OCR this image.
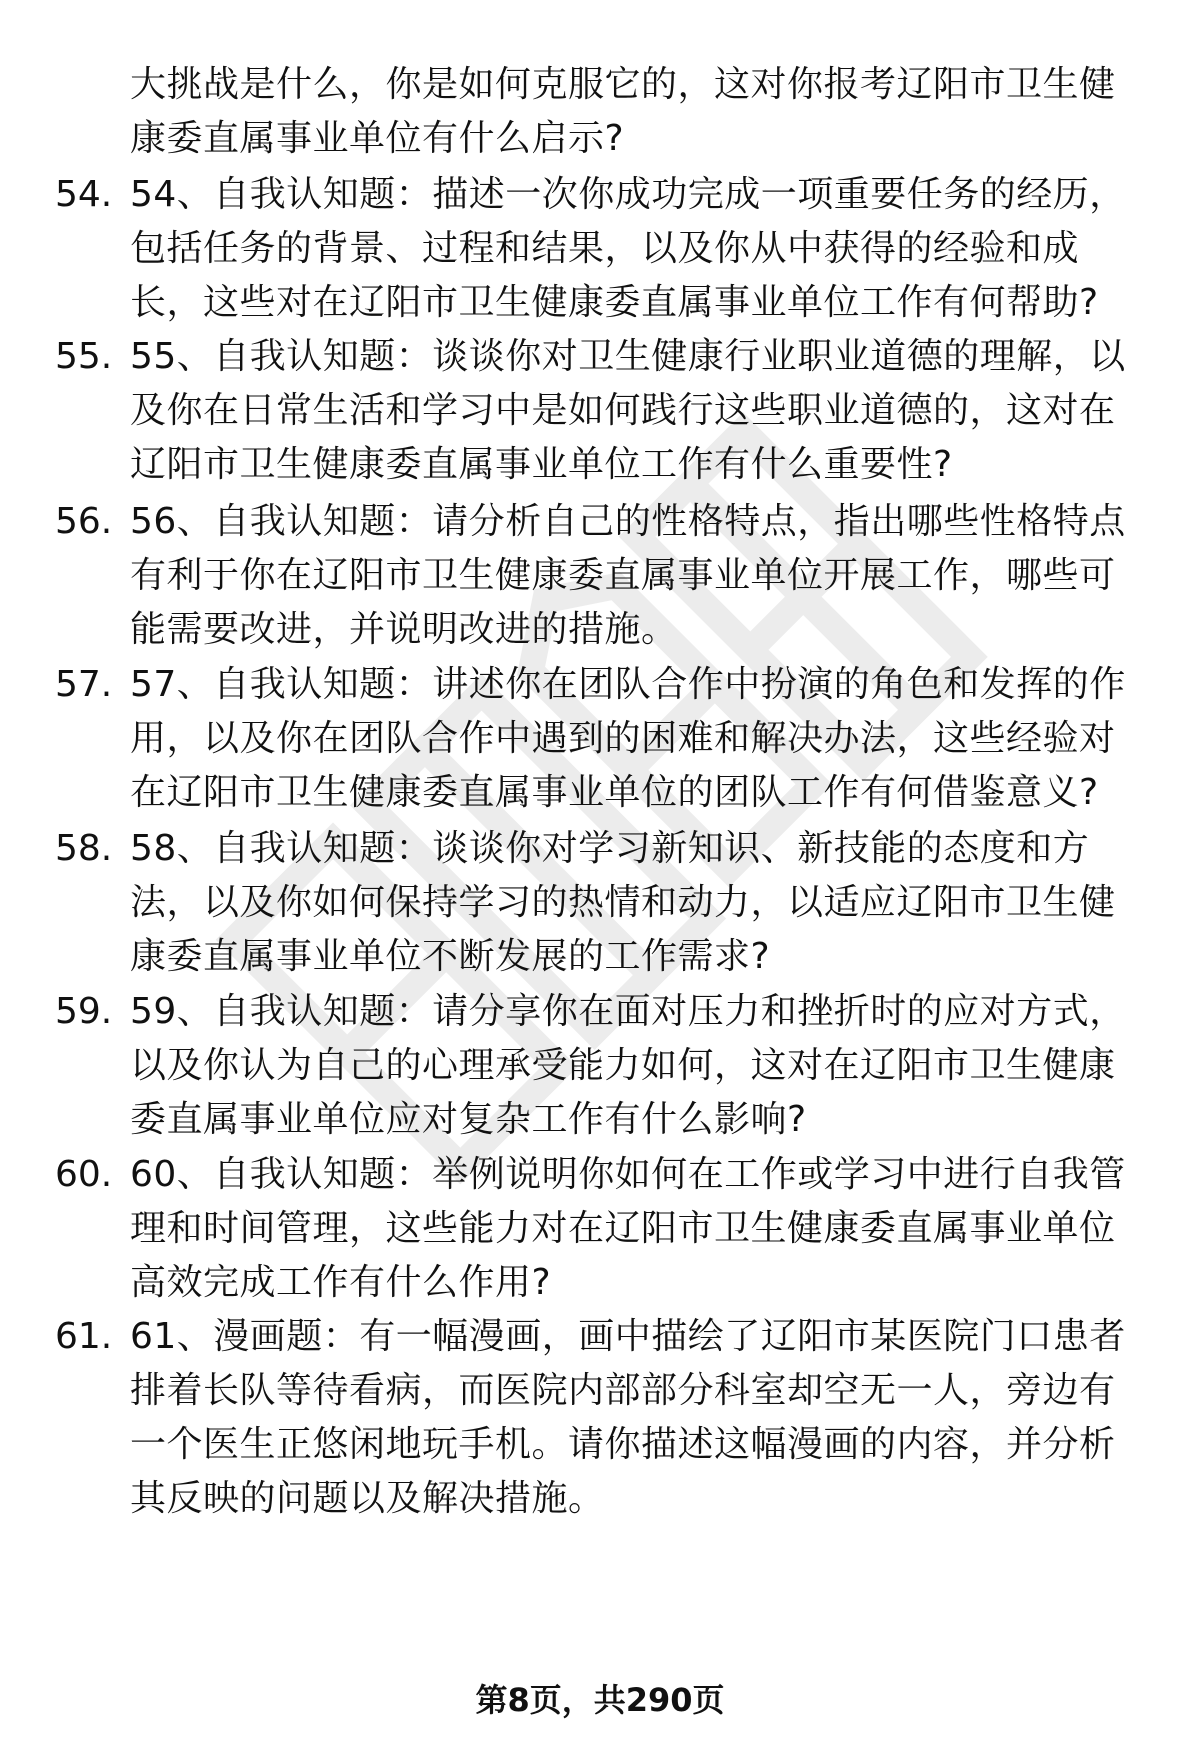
大挑战是什么，你是如何克服它的，这对你报考辽阳市卫生健康委直属事业单位有什么启示?
54. 54、自我认知题：描述一次你成功完成一项重要任务的经历，包括任务的背景、过程和结果，以及你从中获得的经验和成长，这些对在辽阳市卫生健康委直属事业单位工作有何帮助?
55. 55、自我认知题：谈谈你对卫生健康行业职业道德的理解，以及你在日常生活和学习中是如何践行这些职业道德的，这对在辽阳市卫生健康委直属事业单位工作有什么重要性?
56. 56、自我认知题：请分析自己的性格特点，指出哪些性格特点有利于你在辽阳市卫生健康委直属事业单位开展工作，哪些可能需要改进，并说明改进的措施。
57. 57、自我认知题：讲述你在团队合作中扮演的角色和发挥的作用，以及你在团队合作中遇到的困难和解决办法，这些经验对在辽阳市卫生健康委直属事业单位的团队工作有何借鉴意义?
58. 58、自我认知题：谈谈你对学习新知识、新技能的态度和方法，以及你如何保持学习的热情和动力，以适应辽阳市卫生健康委直属事业单位不断发展的工作需求?
59. 59、自我认知题：请分享你在面对压力和挫折时的应对方式，以及你认为自己的心理承受能力如何，这对在辽阳市卫生健康委直属事业单位应对复杂工作有什么影响?
60. 60、自我认知题：举例说明你如何在工作或学习中进行自我管理和时间管理，这些能力对在辽阳市卫生健康委直属事业单位高效完成工作有什么作用?
61. 61、漫画题：有一幅漫画，画中描绘了辽阳市某医院门口患者排着长队等待看病，而医院内部部分科室却空无一人，旁边有一个医生正悠闲地玩手机。请你描述这幅漫画的内容，并分析其反映的问题以及解决措施。
第8页，共290页
